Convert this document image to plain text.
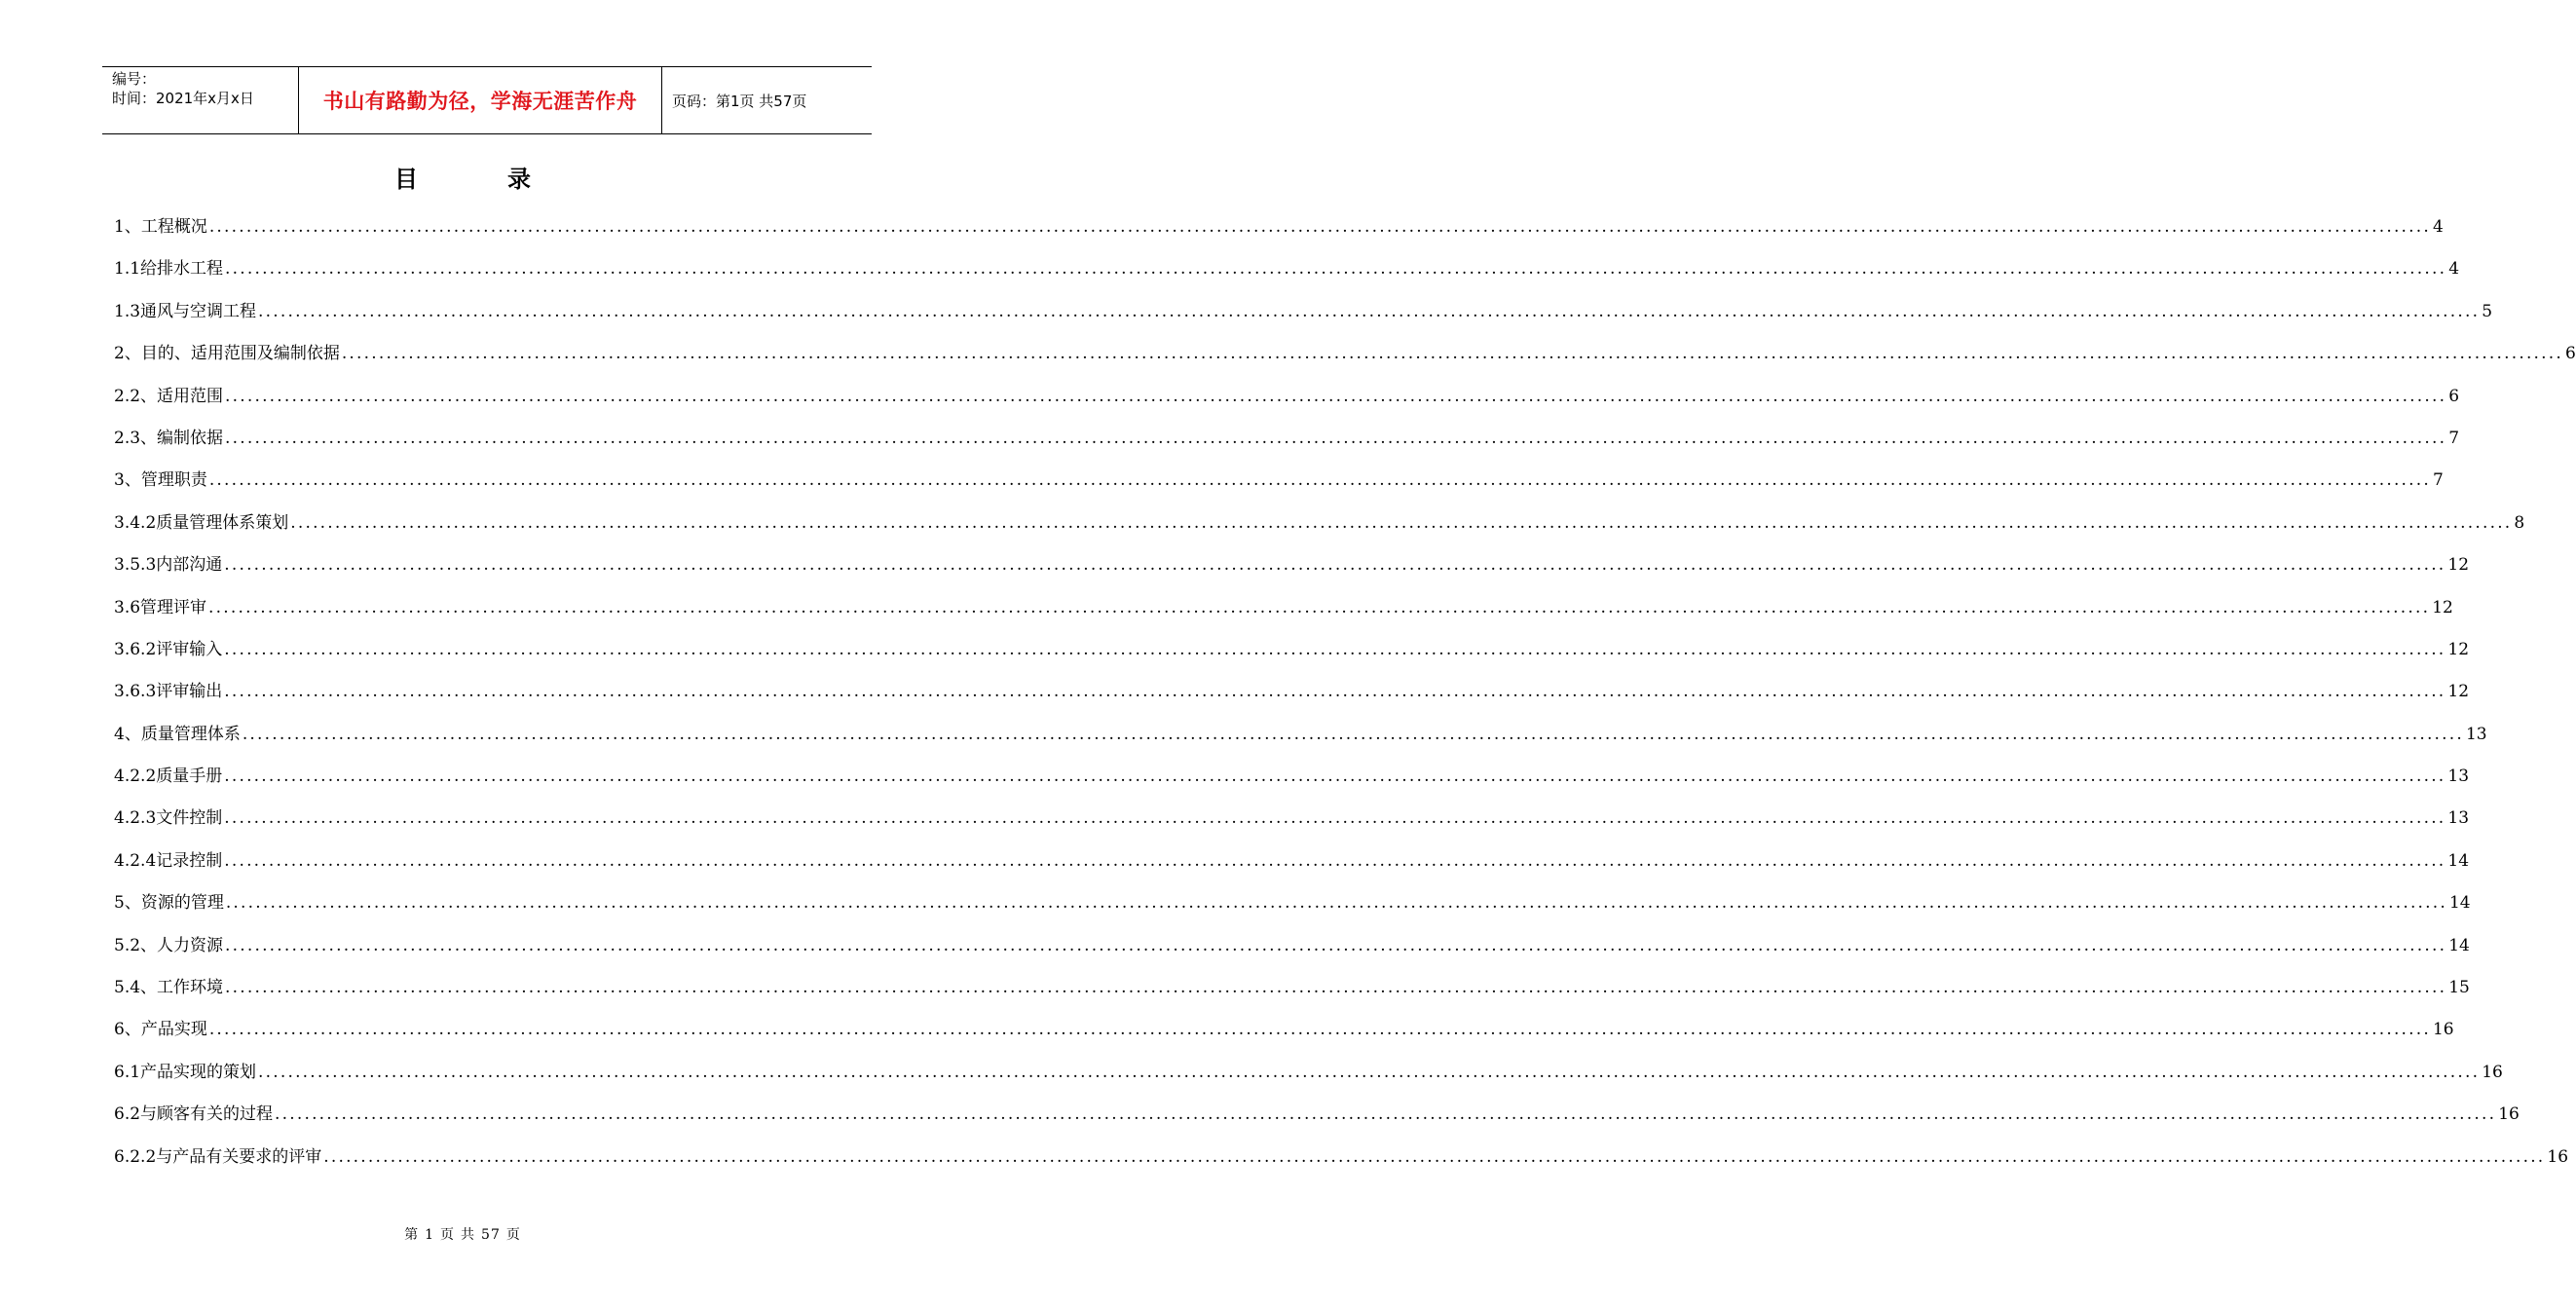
编号：
时间：2021年x月x日	书山有路勤为径，学海无涯苦作舟	页码：第1页 共57页
目	录
1、工程概况 ............................................................................................................................................................................................................................................................................................................ 4
1.1给排水工程 ............................................................................................................................................................................................................................................................................................................ 4
1.3通风与空调工程 ............................................................................................................................................................................................................................................................................................................ 5
2、目的、适用范围及编制依据 ............................................................................................................................................................................................................................................................................................................ 6
2.2、适用范围 ............................................................................................................................................................................................................................................................................................................ 6
2.3、编制依据 ............................................................................................................................................................................................................................................................................................................ 7
3、管理职责 ............................................................................................................................................................................................................................................................................................................ 7
3.4.2质量管理体系策划 ............................................................................................................................................................................................................................................................................................................ 8
3.5.3内部沟通 ............................................................................................................................................................................................................................................................................................................ 12
3.6管理评审 ............................................................................................................................................................................................................................................................................................................ 12
3.6.2评审输入 ............................................................................................................................................................................................................................................................................................................ 12
3.6.3评审输出 ............................................................................................................................................................................................................................................................................................................ 12
4、质量管理体系 ............................................................................................................................................................................................................................................................................................................ 13
4.2.2质量手册 ............................................................................................................................................................................................................................................................................................................ 13
4.2.3文件控制 ............................................................................................................................................................................................................................................................................................................ 13
4.2.4记录控制 ............................................................................................................................................................................................................................................................................................................ 14
5、资源的管理 ............................................................................................................................................................................................................................................................................................................ 14
5.2、人力资源 ............................................................................................................................................................................................................................................................................................................ 14
5.4、工作环境 ............................................................................................................................................................................................................................................................................................................ 15
6、产品实现 ............................................................................................................................................................................................................................................................................................................ 16
6.1产品实现的策划 ............................................................................................................................................................................................................................................................................................................ 16
6.2与顾客有关的过程 ............................................................................................................................................................................................................................................................................................................ 16
6.2.2与产品有关要求的评审 ............................................................................................................................................................................................................................................................................................................ 16
第 1 页 共 57 页
